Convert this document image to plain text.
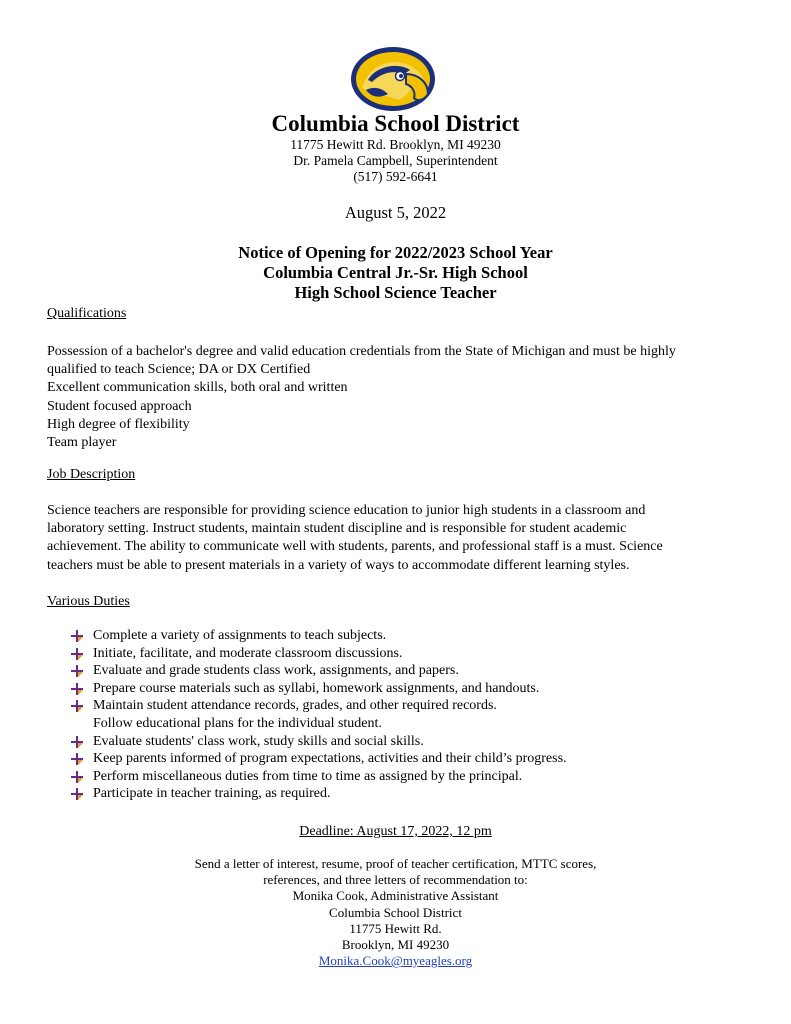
Columbia School District
11775 Hewitt Rd. Brooklyn, MI 49230
Dr. Pamela Campbell, Superintendent
(517) 592-6641
August 5, 2022
Notice of Opening for 2022/2023 School Year
Columbia Central Jr.-Sr. High School
High School Science Teacher
Qualifications
Possession of a bachelor's degree and valid education credentials from the State of Michigan and must be highly
qualified to teach Science; DA or DX Certified
Excellent communication skills, both oral and written
Student focused approach
High degree of flexibility
Team player
Job Description
Science teachers are responsible for providing science education to junior high students in a classroom and
laboratory setting. Instruct students, maintain student discipline and is responsible for student academic
achievement. The ability to communicate well with students, parents, and professional staff is a must. Science
teachers must be able to present materials in a variety of ways to accommodate different learning styles.
Various Duties
Complete a variety of assignments to teach subjects.
Initiate, facilitate, and moderate classroom discussions.
Evaluate and grade students class work, assignments, and papers.
Prepare course materials such as syllabi, homework assignments, and handouts.
Maintain student attendance records, grades, and other required records.
Follow educational plans for the individual student.
Evaluate students' class work, study skills and social skills.
Keep parents informed of program expectations, activities and their child’s progress.
Perform miscellaneous duties from time to time as assigned by the principal.
Participate in teacher training, as required.
Deadline: August 17, 2022, 12 pm
Send a letter of interest, resume, proof of teacher certification, MTTC scores,
references, and three letters of recommendation to:
Monika Cook, Administrative Assistant
Columbia School District
11775 Hewitt Rd.
Brooklyn, MI 49230
Monika.Cook@myeagles.org
